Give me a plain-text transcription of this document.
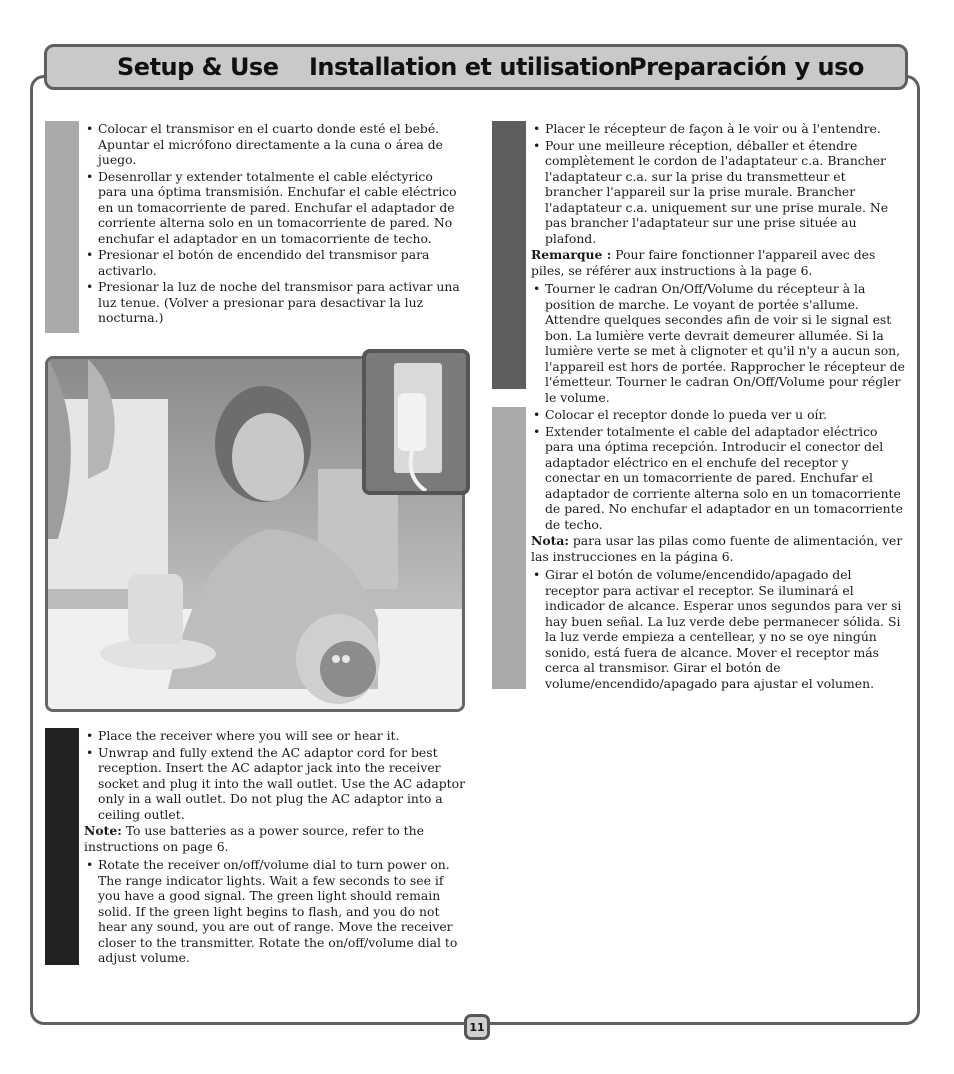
Setup & Use Installation et utilisation
Preparación y uso
• Colocar el transmisor en el cuarto donde esté el bebé. Apuntar el micrófono directamente a la cuna o área de juego.
• Desenrollar y extender totalmente el cable eléctyrico para una óptima transmisión. Enchufar el cable eléctrico en un tomacorriente de pared. Enchufar el adaptador de corriente alterna solo en un tomacorriente de pared. No enchufar el adaptador en un tomacorriente de techo.
• Presionar el botón de encendido del transmisor para activarlo.
• Presionar la luz de noche del transmisor para activar una luz tenue. (Volver a presionar para desactivar la luz nocturna.)
• Place the receiver where you will see or hear it.
• Unwrap and fully extend the AC adaptor cord for best reception. Insert the AC adaptor jack into the receiver socket and plug it into the wall outlet. Use the AC adaptor only in a wall outlet. Do not plug the AC adaptor into a ceiling outlet.

Note: To use batteries as a power source, refer to the instructions on page 6.

• Rotate the receiver on/off/volume dial to turn power on. The range indicator lights. Wait a few seconds to see if you have a good signal. The green light should remain solid. If the green light begins to flash, and you do not hear any sound, you are out of range. Move the receiver closer to the transmitter. Rotate the on/off/volume dial to adjust volume.
• Placer le récepteur de façon à le voir ou à l'entendre.
• Pour une meilleure réception, déballer et étendre complètement le cordon de l'adaptateur c.a. Brancher l'adaptateur c.a. sur la prise du transmetteur et brancher l'appareil sur la prise murale. Brancher l'adaptateur c.a. uniquement sur une prise murale. Ne pas brancher l'adaptateur sur une prise située au plafond.

Remarque : Pour faire fonctionner l'appareil avec des piles, se référer aux instructions à la page 6.

• Tourner le cadran On/Off/Volume du récepteur à la position de marche. Le voyant de portée s'allume. Attendre quelques secondes afin de voir si le signal est bon. La lumière verte devrait demeurer allumée. Si la lumière verte se met à clignoter et qu'il n'y a aucun son, l'appareil est hors de portée. Rapprocher le récepteur de l'émetteur. Tourner le cadran On/Off/Volume pour régler le volume.
• Colocar el receptor donde lo pueda ver u oír.
• Extender totalmente el cable del adaptador eléctrico para una óptima recepción. Introducir el conector del adaptador eléctrico en el enchufe del receptor y conectar en un tomacorriente de pared. Enchufar el adaptador de corriente alterna solo en un tomacorriente de pared. No enchufar el adaptador en un tomacorriente de techo.

Nota: para usar las pilas como fuente de alimentación, ver las instrucciones en la página 6.

• Girar el botón de volume/encendido/apagado del receptor para activar el receptor. Se iluminará el indicador de alcance. Esperar unos segundos para ver si hay buen señal. La luz verde debe permanecer sólida. Si la luz verde empieza a centellear, y no se oye ningún sonido, está fuera de alcance. Mover el receptor más cerca al transmisor. Girar el botón de volume/encendido/apagado para ajustar el volumen.
11
